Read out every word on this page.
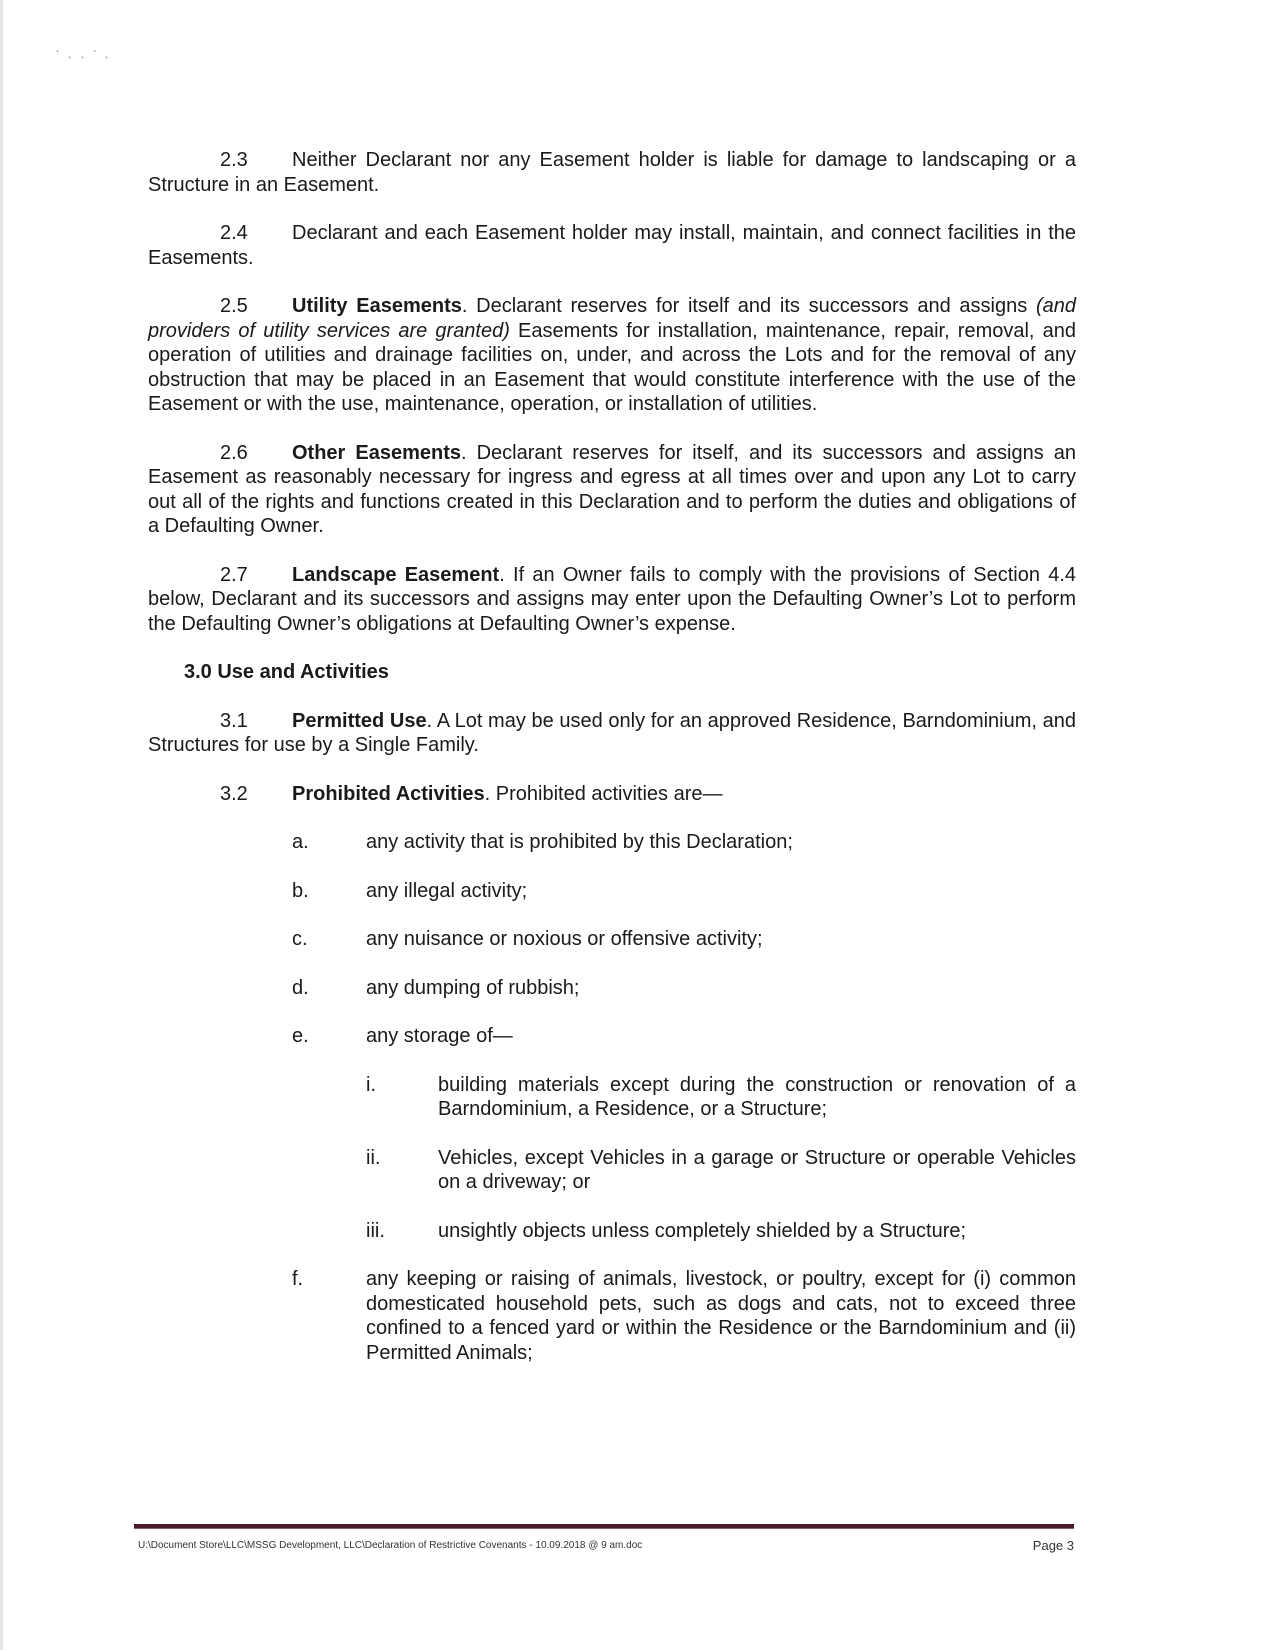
ˑ ˎ ˎ ˑ ˎ

2.3 Neither Declarant nor any Easement holder is liable for damage to landscaping or a Structure in an Easement.

2.4 Declarant and each Easement holder may install, maintain, and connect facilities in the Easements.

2.5 Utility Easements. Declarant reserves for itself and its successors and assigns (and providers of utility services are granted) Easements for installation, maintenance, repair, removal, and operation of utilities and drainage facilities on, under, and across the Lots and for the removal of any obstruction that may be placed in an Easement that would constitute interference with the use of the Easement or with the use, maintenance, operation, or installation of utilities.

2.6 Other Easements. Declarant reserves for itself, and its successors and assigns an Easement as reasonably necessary for ingress and egress at all times over and upon any Lot to carry out all of the rights and functions created in this Declaration and to perform the duties and obligations of a Defaulting Owner.

2.7 Landscape Easement. If an Owner fails to comply with the provisions of Section 4.4 below, Declarant and its successors and assigns may enter upon the Defaulting Owner’s Lot to perform the Defaulting Owner’s obligations at Defaulting Owner’s expense.

3.0 Use and Activities

3.1 Permitted Use. A Lot may be used only for an approved Residence, Barndominium, and Structures for use by a Single Family.

3.2 Prohibited Activities. Prohibited activities are—
a.	any activity that is prohibited by this Declaration;
b.	any illegal activity;
c.	any nuisance or noxious or offensive activity;
d.	any dumping of rubbish;
e.	any storage of—
i.	building materials except during the construction or renovation of a Barndominium, a Residence, or a Structure;
ii.	Vehicles, except Vehicles in a garage or Structure or operable Vehicles on a driveway; or
iii.	unsightly objects unless completely shielded by a Structure;
f.	any keeping or raising of animals, livestock, or poultry, except for (i) common domesticated household pets, such as dogs and cats, not to exceed three confined to a fenced yard or within the Residence or the Barndominium and (ii) Permitted Animals;
U:\Document Store\LLC\MSSG Development, LLC\Declaration of Restrictive Covenants - 10.09.2018 @ 9 am.doc	Page 3
